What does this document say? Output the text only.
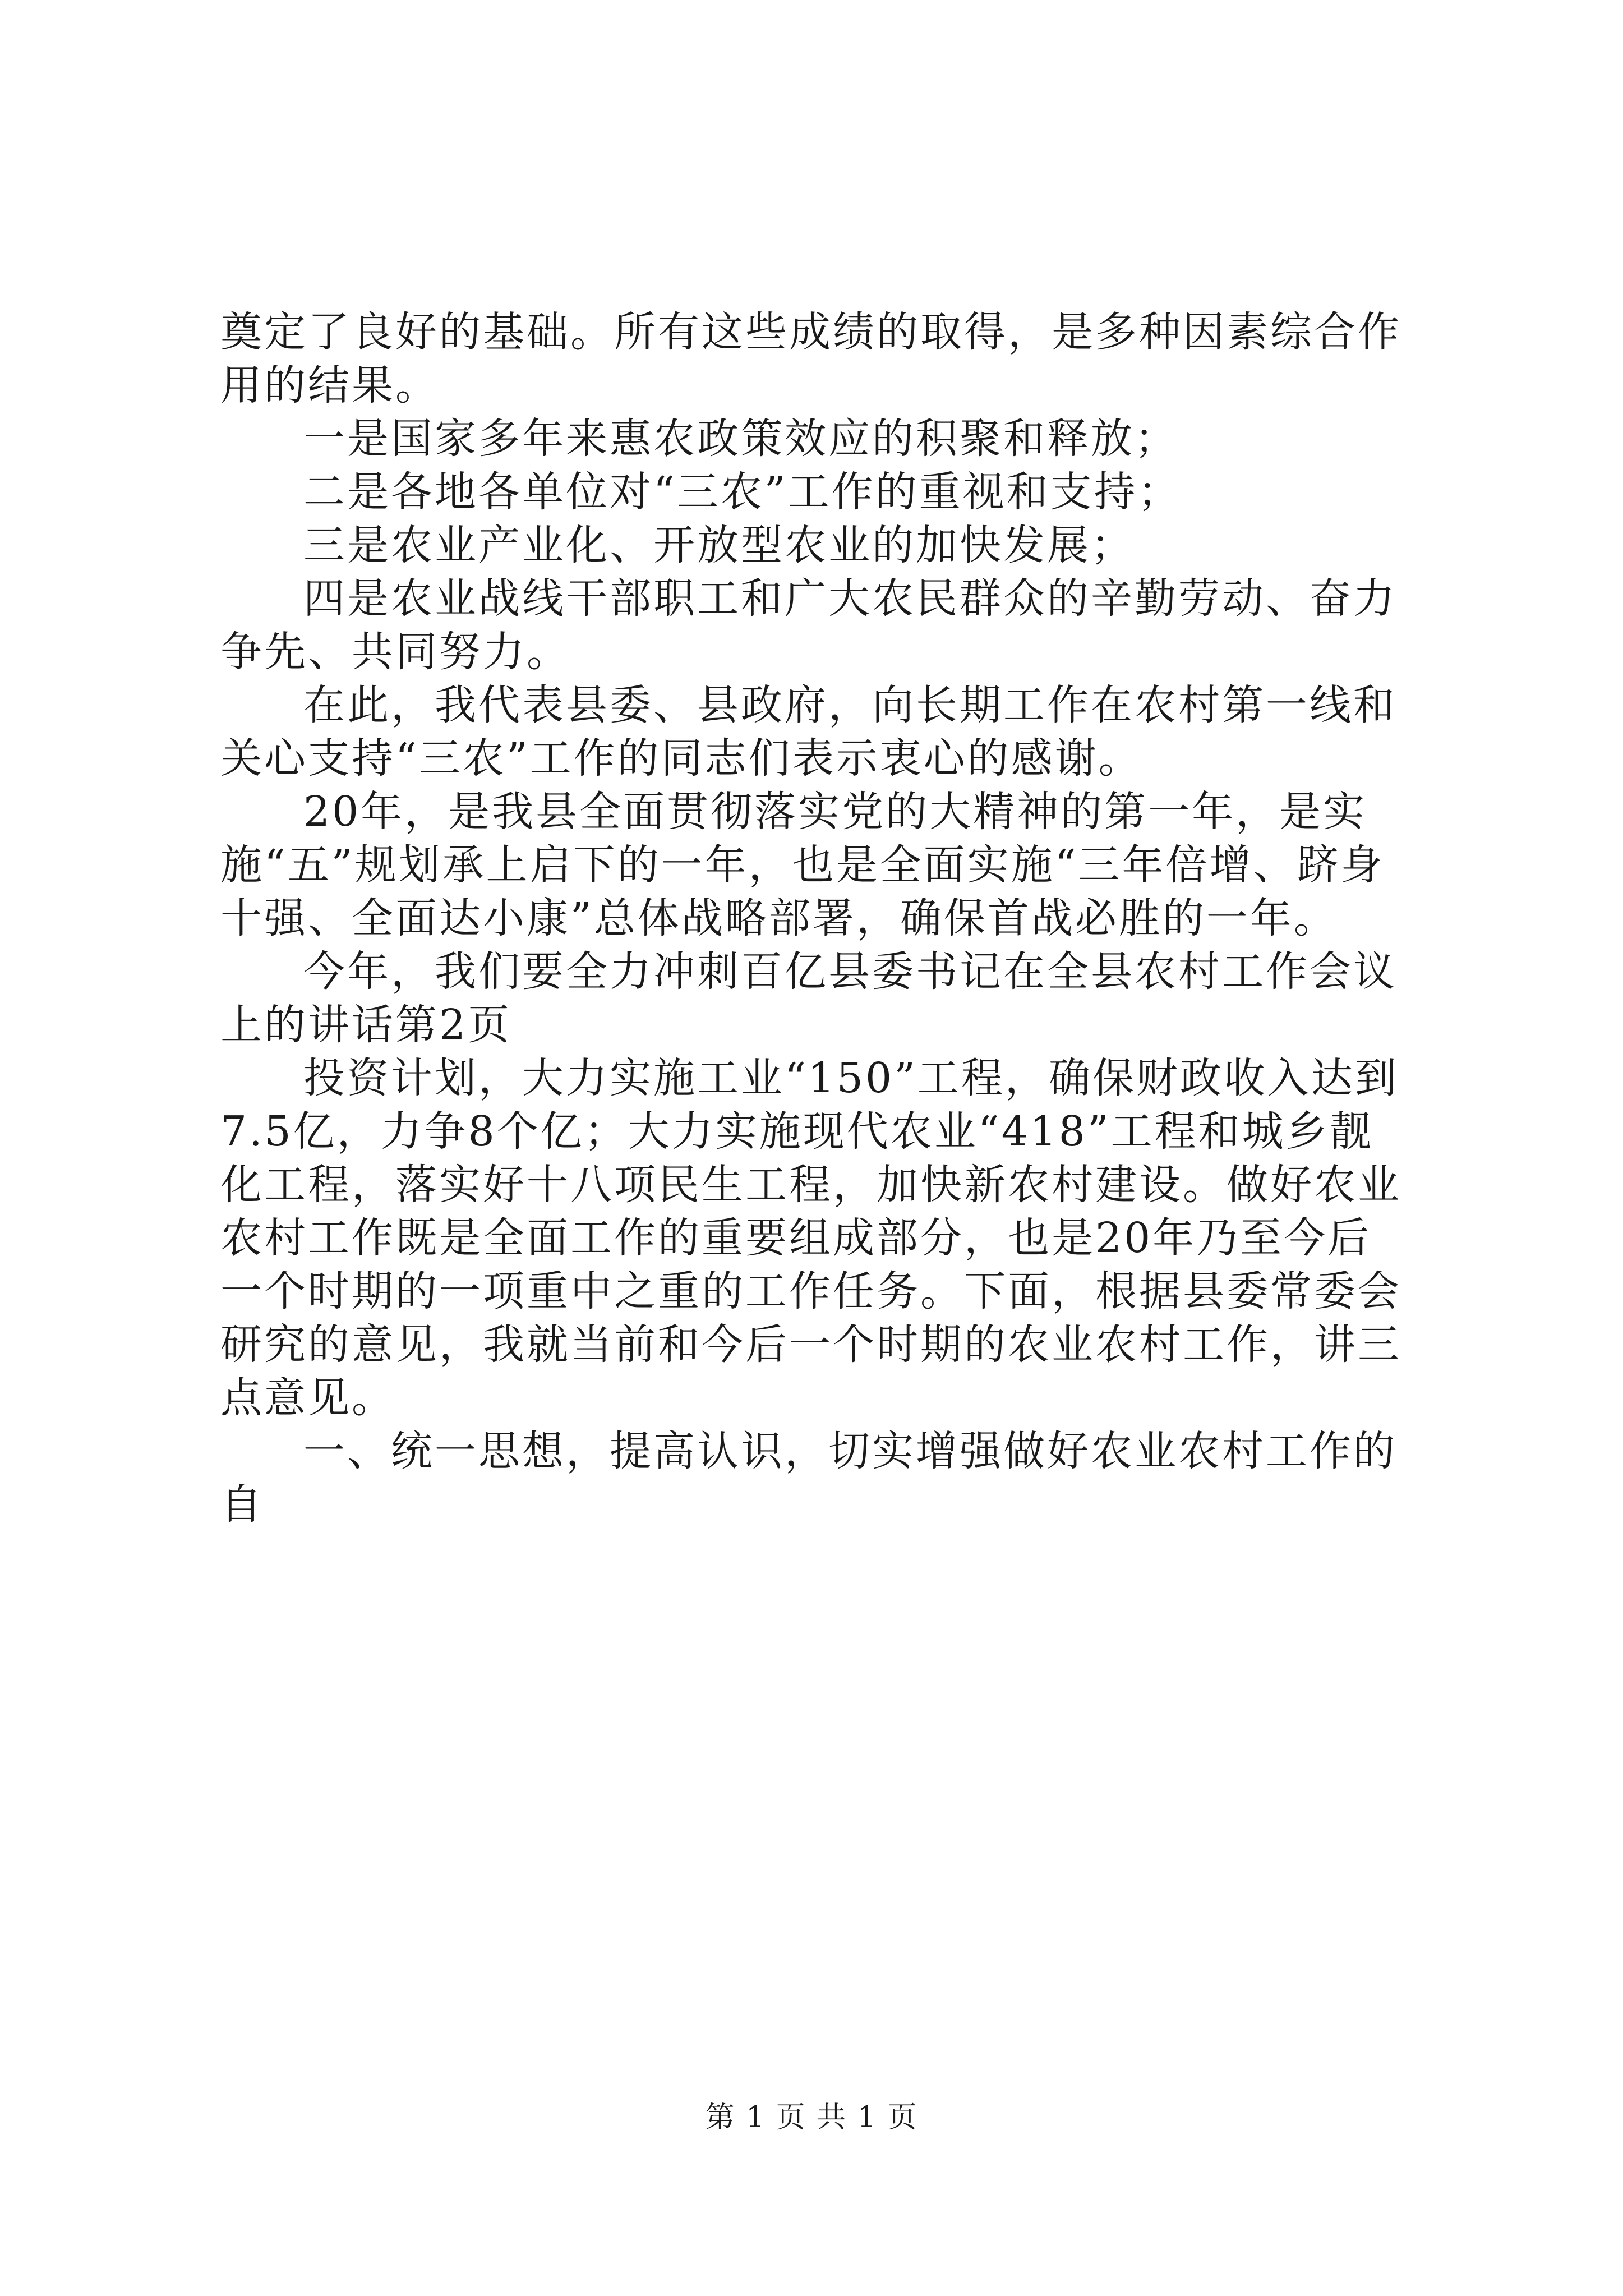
奠定了良好的基础。所有这些成绩的取得，是多种因素综合作用的结果。

一是国家多年来惠农政策效应的积聚和释放；

二是各地各单位对“三农”工作的重视和支持；

三是农业产业化、开放型农业的加快发展；

四是农业战线干部职工和广大农民群众的辛勤劳动、奋力争先、共同努力。

在此，我代表县委、县政府，向长期工作在农村第一线和关心支持“三农”工作的同志们表示衷心的感谢。

20年，是我县全面贯彻落实党的大精神的第一年，是实施“五”规划承上启下的一年，也是全面实施“三年倍增、跻身十强、全面达小康”总体战略部署，确保首战必胜的一年。

今年，我们要全力冲刺百亿县委书记在全县农村工作会议上的讲话第2页

投资计划，大力实施工业“150”工程，确保财政收入达到7.5亿，力争8个亿；大力实施现代农业“418”工程和城乡靓化工程，落实好十八项民生工程，加快新农村建设。做好农业农村工作既是全面工作的重要组成部分，也是20年乃至今后一个时期的一项重中之重的工作任务。下面，根据县委常委会研究的意见，我就当前和今后一个时期的农业农村工作，讲三点意见。

一、统一思想，提高认识，切实增强做好农业农村工作的自

第 1 页 共 1 页
